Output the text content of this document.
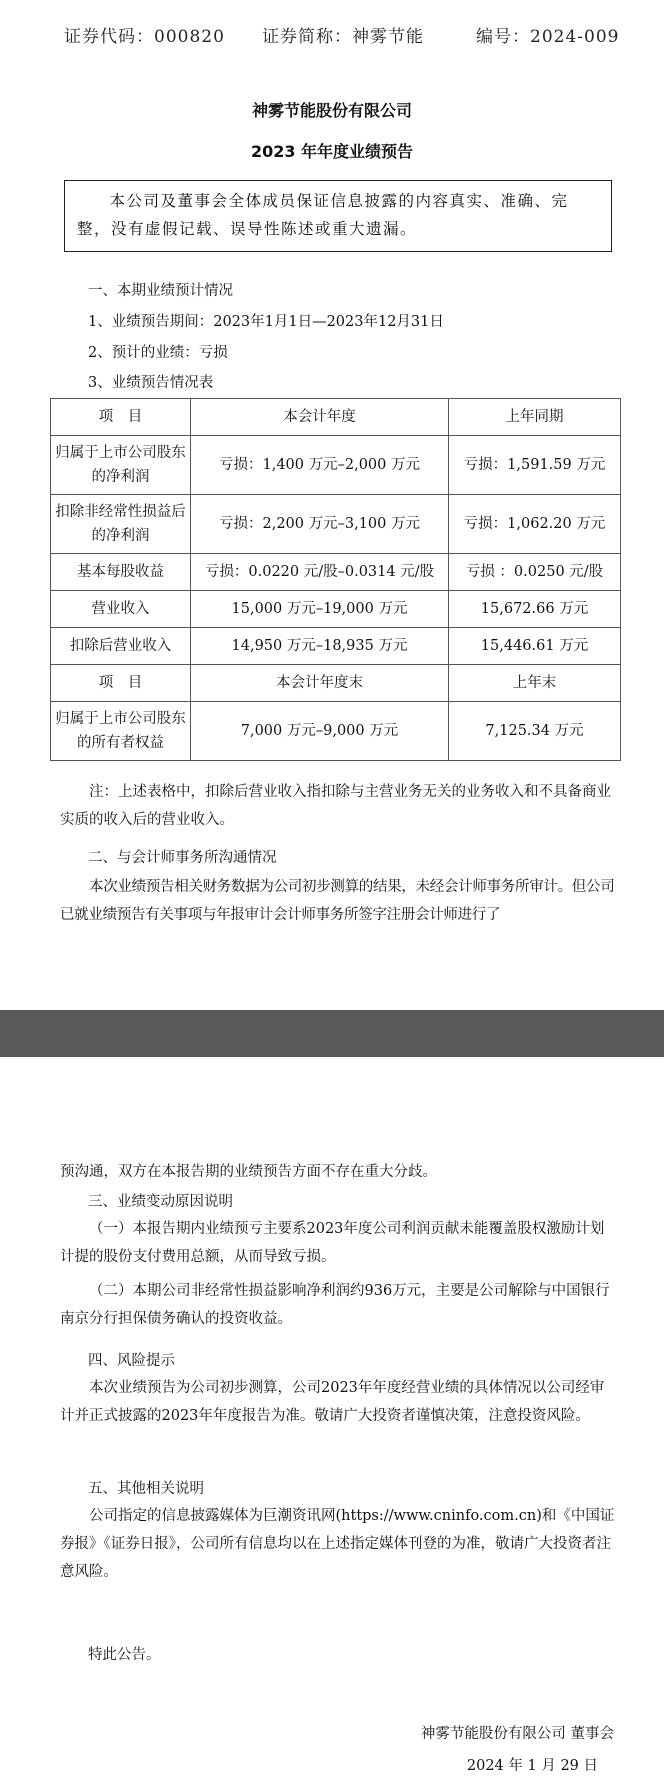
证券代码：000820 证券简称：神雾节能	编号：2024-009
神雾节能股份有限公司
2023 年年度业绩预告
本公司及董事会全体成员保证信息披露的内容真实、准确、完整，没有虚假记载、误导性陈述或重大遗漏。
一、本期业绩预计情况
1、业绩预告期间：2023年1月1日—2023年12月31日
2、预计的业绩：亏损
3、业绩预告情况表
项　目	本会计年度	上年同期
归属于上市公司股东的净利润	亏损：1,400 万元–2,000 万元	亏损：1,591.59 万元
扣除非经常性损益后的净利润	亏损：2,200 万元–3,100 万元	亏损：1,062.20 万元
基本每股收益	亏损：0.0220 元/股–0.0314 元/股	亏损 ：0.0250 元/股
营业收入	15,000 万元–19,000 万元	15,672.66 万元
扣除后营业收入	14,950 万元–18,935 万元	15,446.61 万元
项　目	本会计年度末	上年末
归属于上市公司股东的所有者权益	7,000 万元–9,000 万元	7,125.34 万元
注：上述表格中，扣除后营业收入指扣除与主营业务无关的业务收入和不具备商业实质的收入后的营业收入。
二、与会计师事务所沟通情况
本次业绩预告相关财务数据为公司初步测算的结果，未经会计师事务所审计。但公司已就业绩预告有关事项与年报审计会计师事务所签字注册会计师进行了
预沟通，双方在本报告期的业绩预告方面不存在重大分歧。
三、业绩变动原因说明
（一）本报告期内业绩预亏主要系2023年度公司利润贡献未能覆盖股权激励计划计提的股份支付费用总额，从而导致亏损。
（二）本期公司非经常性损益影响净利润约936万元，主要是公司解除与中国银行南京分行担保债务确认的投资收益。
四、风险提示
本次业绩预告为公司初步测算，公司2023年年度经营业绩的具体情况以公司经审计并正式披露的2023年年度报告为准。敬请广大投资者谨慎决策，注意投资风险。
五、其他相关说明
公司指定的信息披露媒体为巨潮资讯网(https://www.cninfo.com.cn)和《中国证券报》《证券日报》，公司所有信息均以在上述指定媒体刊登的为准，敬请广大投资者注意风险。
特此公告。
神雾节能股份有限公司 董事会
2024 年 1 月 29 日
